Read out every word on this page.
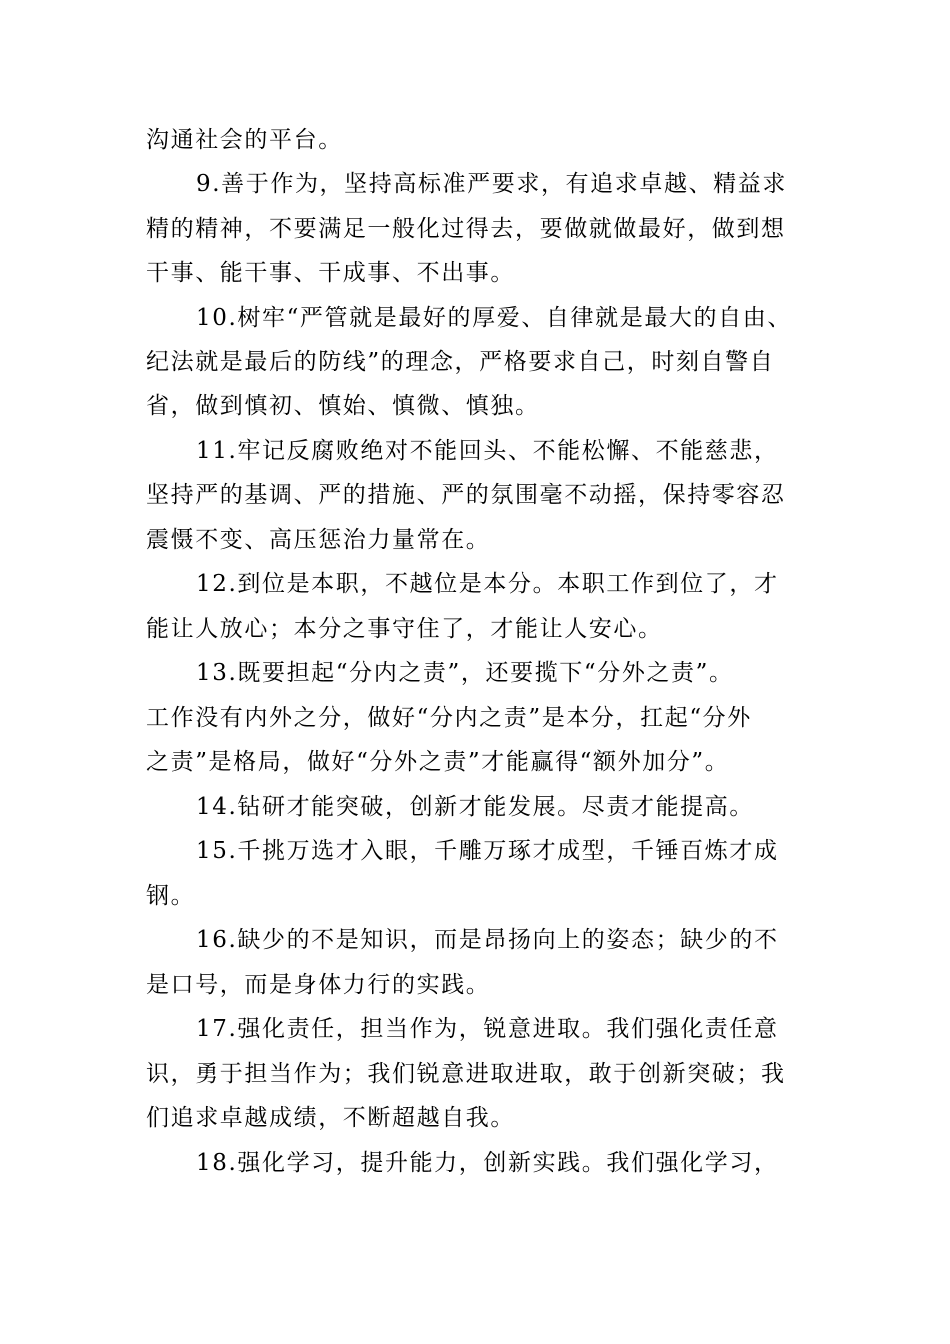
沟通社会的平台。
9.善于作为，坚持高标准严要求，有追求卓越、精益求
精的精神，不要满足一般化过得去，要做就做最好，做到想
干事、能干事、干成事、不出事。
10.树牢“严管就是最好的厚爱、自律就是最大的自由、
纪法就是最后的防线”的理念，严格要求自己，时刻自警自
省，做到慎初、慎始、慎微、慎独。
11.牢记反腐败绝对不能回头、不能松懈、不能慈悲，
坚持严的基调、严的措施、严的氛围毫不动摇，保持零容忍
震慑不变、高压惩治力量常在。
12.到位是本职，不越位是本分。本职工作到位了，才
能让人放心；本分之事守住了，才能让人安心。
13.既要担起“分内之责”，还要揽下“分外之责”。
工作没有内外之分，做好“分内之责”是本分，扛起“分外
之责”是格局，做好“分外之责”才能赢得“额外加分”。
14.钻研才能突破，创新才能发展。尽责才能提高。
15.千挑万选才入眼，千雕万琢才成型，千锤百炼才成
钢。
16.缺少的不是知识，而是昂扬向上的姿态；缺少的不
是口号，而是身体力行的实践。
17.强化责任，担当作为，锐意进取。我们强化责任意
识，勇于担当作为；我们锐意进取进取，敢于创新突破；我
们追求卓越成绩，不断超越自我。
18.强化学习，提升能力，创新实践。我们强化学习，
